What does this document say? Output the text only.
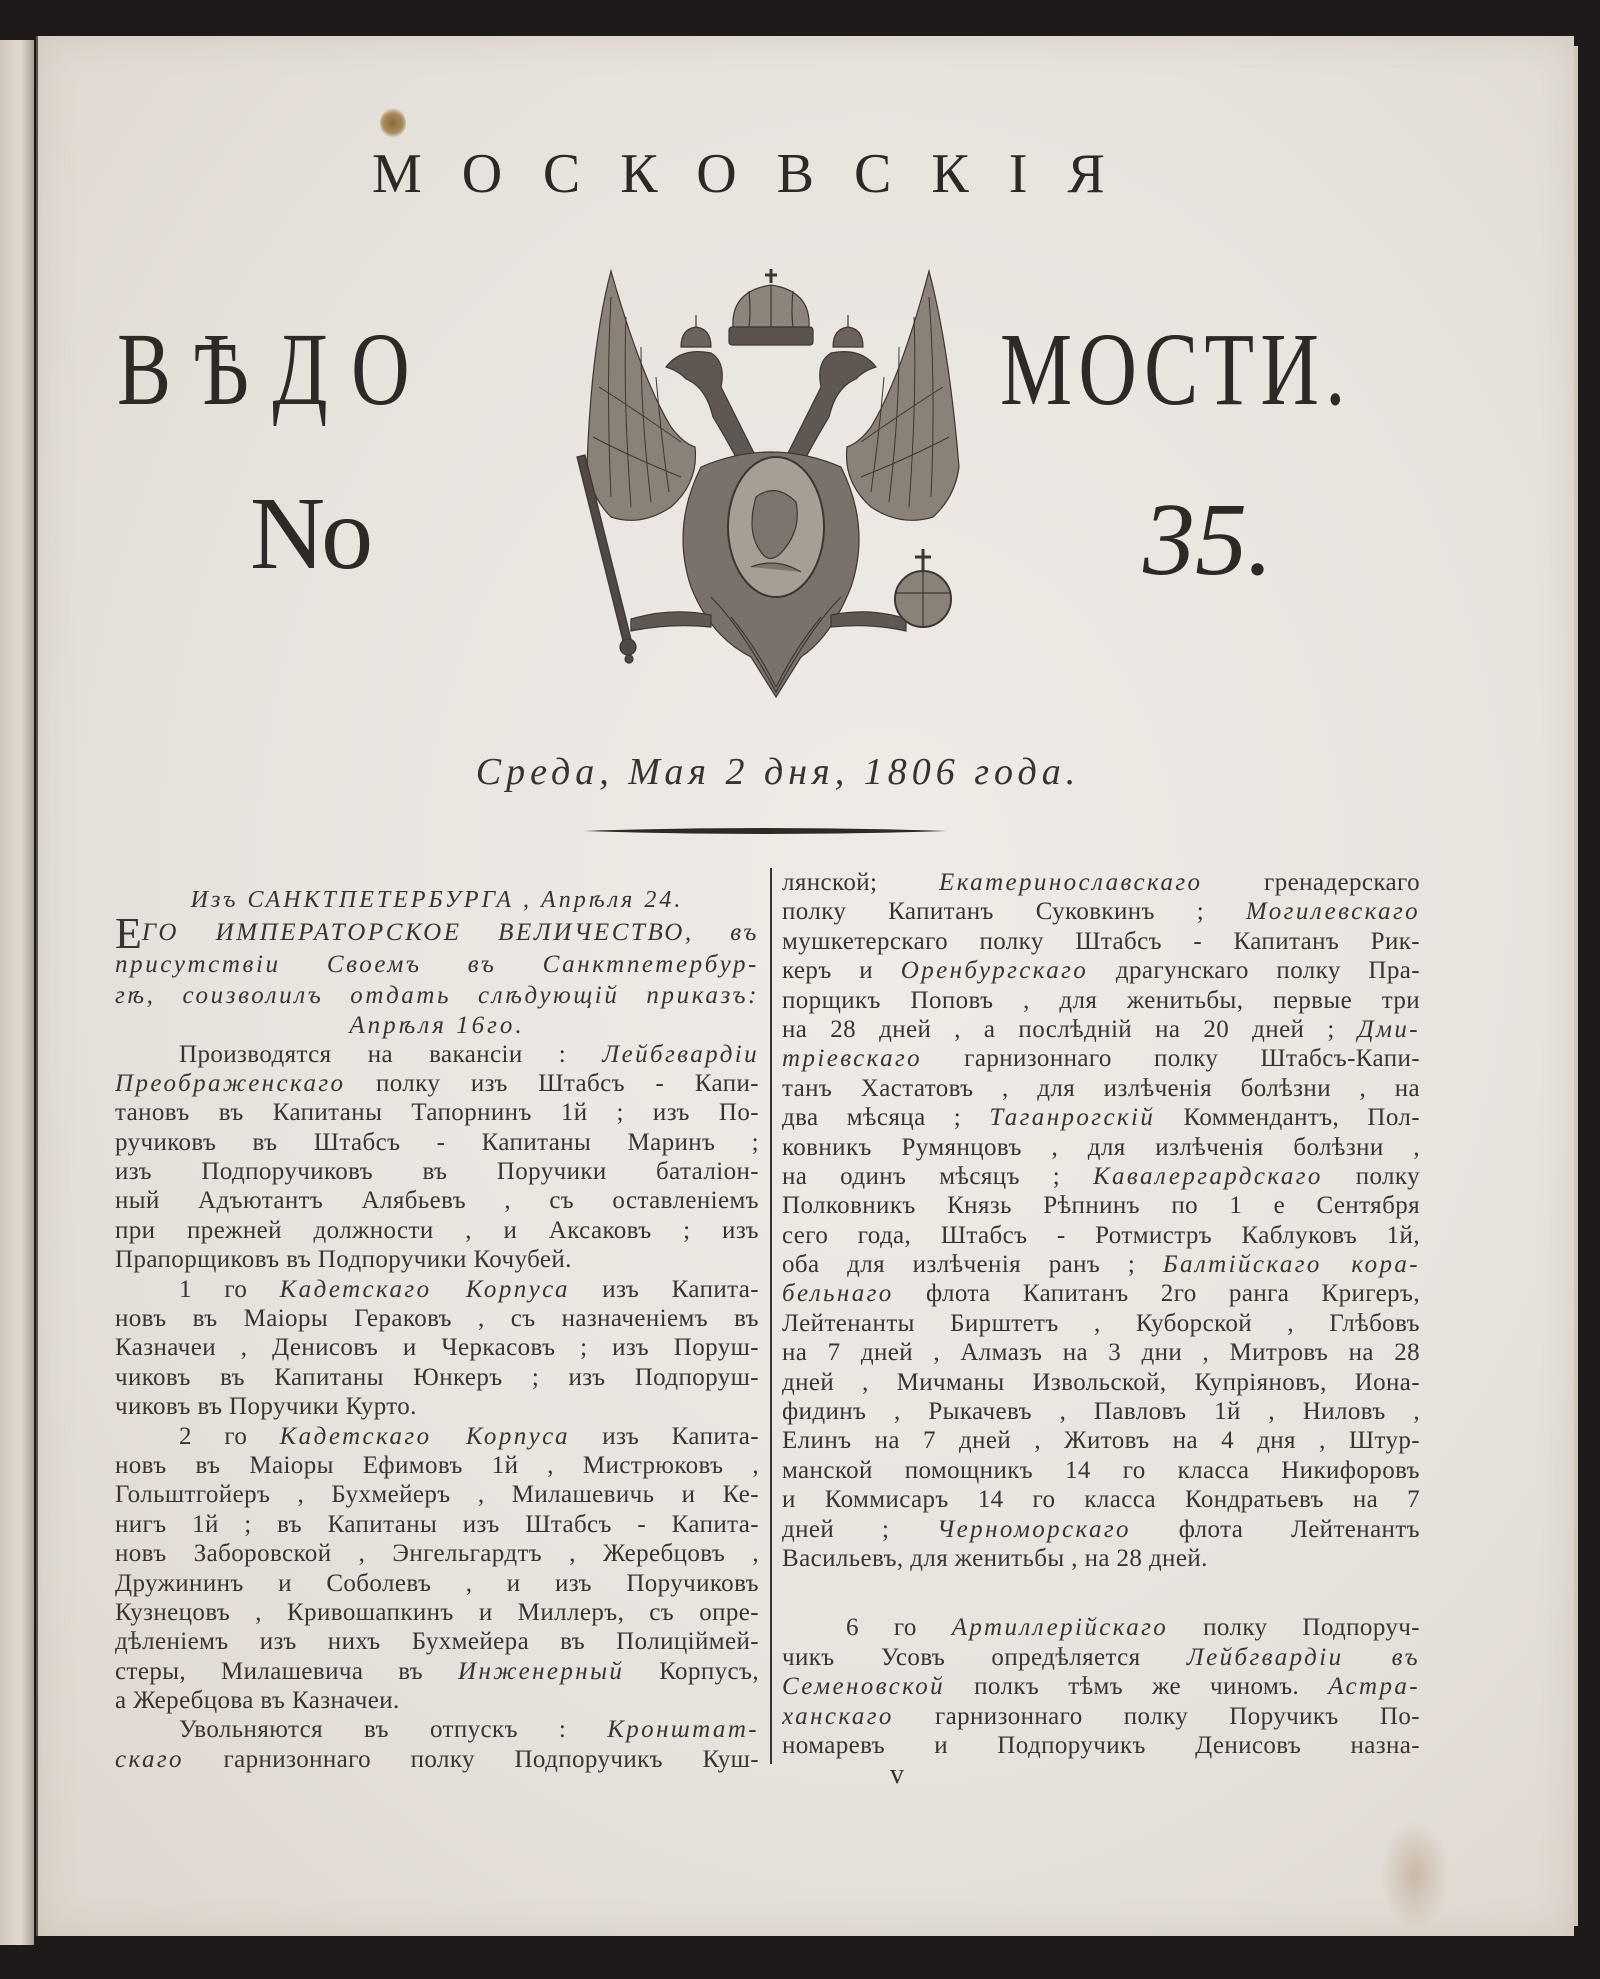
МОСКОВСКІЯ
ВѢДО	МОСТИ.
No	35.
Среда, Мая 2 дня, 1806 года.
Изъ САНКТПЕТЕРБУРГА , Апрѣля 24.
ЕГО ИМПЕРАТОРСКОЕ ВЕЛИЧЕСТВО, въ
присутствіи Своемъ въ Санктпетербур-
гѣ, соизволилъ отдать слѣдующій приказъ:
Апрѣля 16го.
Производятся на вакансіи : Лейбгвардіи
Преображенскаго полку изъ Штабсъ - Капи-
тановъ въ Капитаны Тапорнинъ 1й ; изъ По-
ручиковъ въ Штабсъ - Капитаны Маринъ ;
изъ Подпоручиковъ въ Поручики баталіон-
ный Адъютантъ Алябьевъ , съ оставленіемъ
при прежней должности , и Аксаковъ ; изъ
Прапорщиковъ въ Подпоручики Кочубей.
1 го Кадетскаго Корпуса изъ Капита-
новъ въ Маіоры Гераковъ , съ назначеніемъ въ
Казначеи , Денисовъ и Черкасовъ ; изъ Поруш-
чиковъ въ Капитаны Юнкеръ ; изъ Подпоруш-
чиковъ въ Поручики Курто.
2 го Кадетскаго Корпуса изъ Капита-
новъ въ Маіоры Ефимовъ 1й , Мистрюковъ ,
Гольштгойеръ , Бухмейеръ , Милашевичь и Ке-
нигъ 1й ; въ Капитаны изъ Штабсъ - Капита-
новъ Заборовской , Энгельгардтъ , Жеребцовъ ,
Дружининъ и Соболевъ , и изъ Поручиковъ
Кузнецовъ , Кривошапкинъ и Миллеръ, съ опре-
дѣленіемъ изъ нихъ Бухмейера въ Полиціймей-
стеры, Милашевича въ Инженерный Корпусъ,
а Жеребцова въ Казначеи.
Увольняются въ отпускъ : Кронштат-
скаго гарнизоннаго полку Подпоручикъ Куш-
лянской; Екатеринославскаго гренадерскаго
полку Капитанъ Суковкинъ ; Могилевскаго
мушкетерскаго полку Штабсъ - Капитанъ Рик-
керъ и Оренбургскаго драгунскаго полку Пра-
порщикъ Поповъ , для женитьбы, первые три
на 28 дней , а послѣдній на 20 дней ; Дми-
тріевскаго гарнизоннаго полку Штабсъ-Капи-
танъ Хастатовъ , для излѣченія болѣзни , на
два мѣсяца ; Таганрогскій Коммендантъ, Пол-
ковникъ Румянцовъ , для излѣченія болѣзни ,
на одинъ мѣсяцъ ; Кавалергардскаго полку
Полковникъ Князь Рѣпнинъ по 1 е Сентября
сего года, Штабсъ - Ротмистръ Каблуковъ 1й,
оба для излѣченія ранъ ; Балтійскаго кора-
бельнаго флота Капитанъ 2го ранга Кригеръ,
Лейтенанты Бирштетъ , Куборской , Глѣбовъ
на 7 дней , Алмазъ на 3 дни , Митровъ на 28
дней , Мичманы Извольской, Купріяновъ, Иона-
фидинъ , Рыкачевъ , Павловъ 1й , Ниловъ ,
Елинъ на 7 дней , Житовъ на 4 дня , Штур-
манской помощникъ 14 го класса Никифоровъ
и Коммисаръ 14 го класса Кондратьевъ на 7
дней ; Черноморскаго флота Лейтенантъ
Васильевъ, для женитьбы , на 28 дней.
6 го Артиллерійскаго полку Подпоруч-
чикъ Усовъ опредѣляется Лейбгвардіи въ
Семеновской полкъ тѣмъ же чиномъ. Астра-
ханскаго гарнизоннаго полку Поручикъ По-
номаревъ и Подпоручикъ Денисовъ назна-
v
